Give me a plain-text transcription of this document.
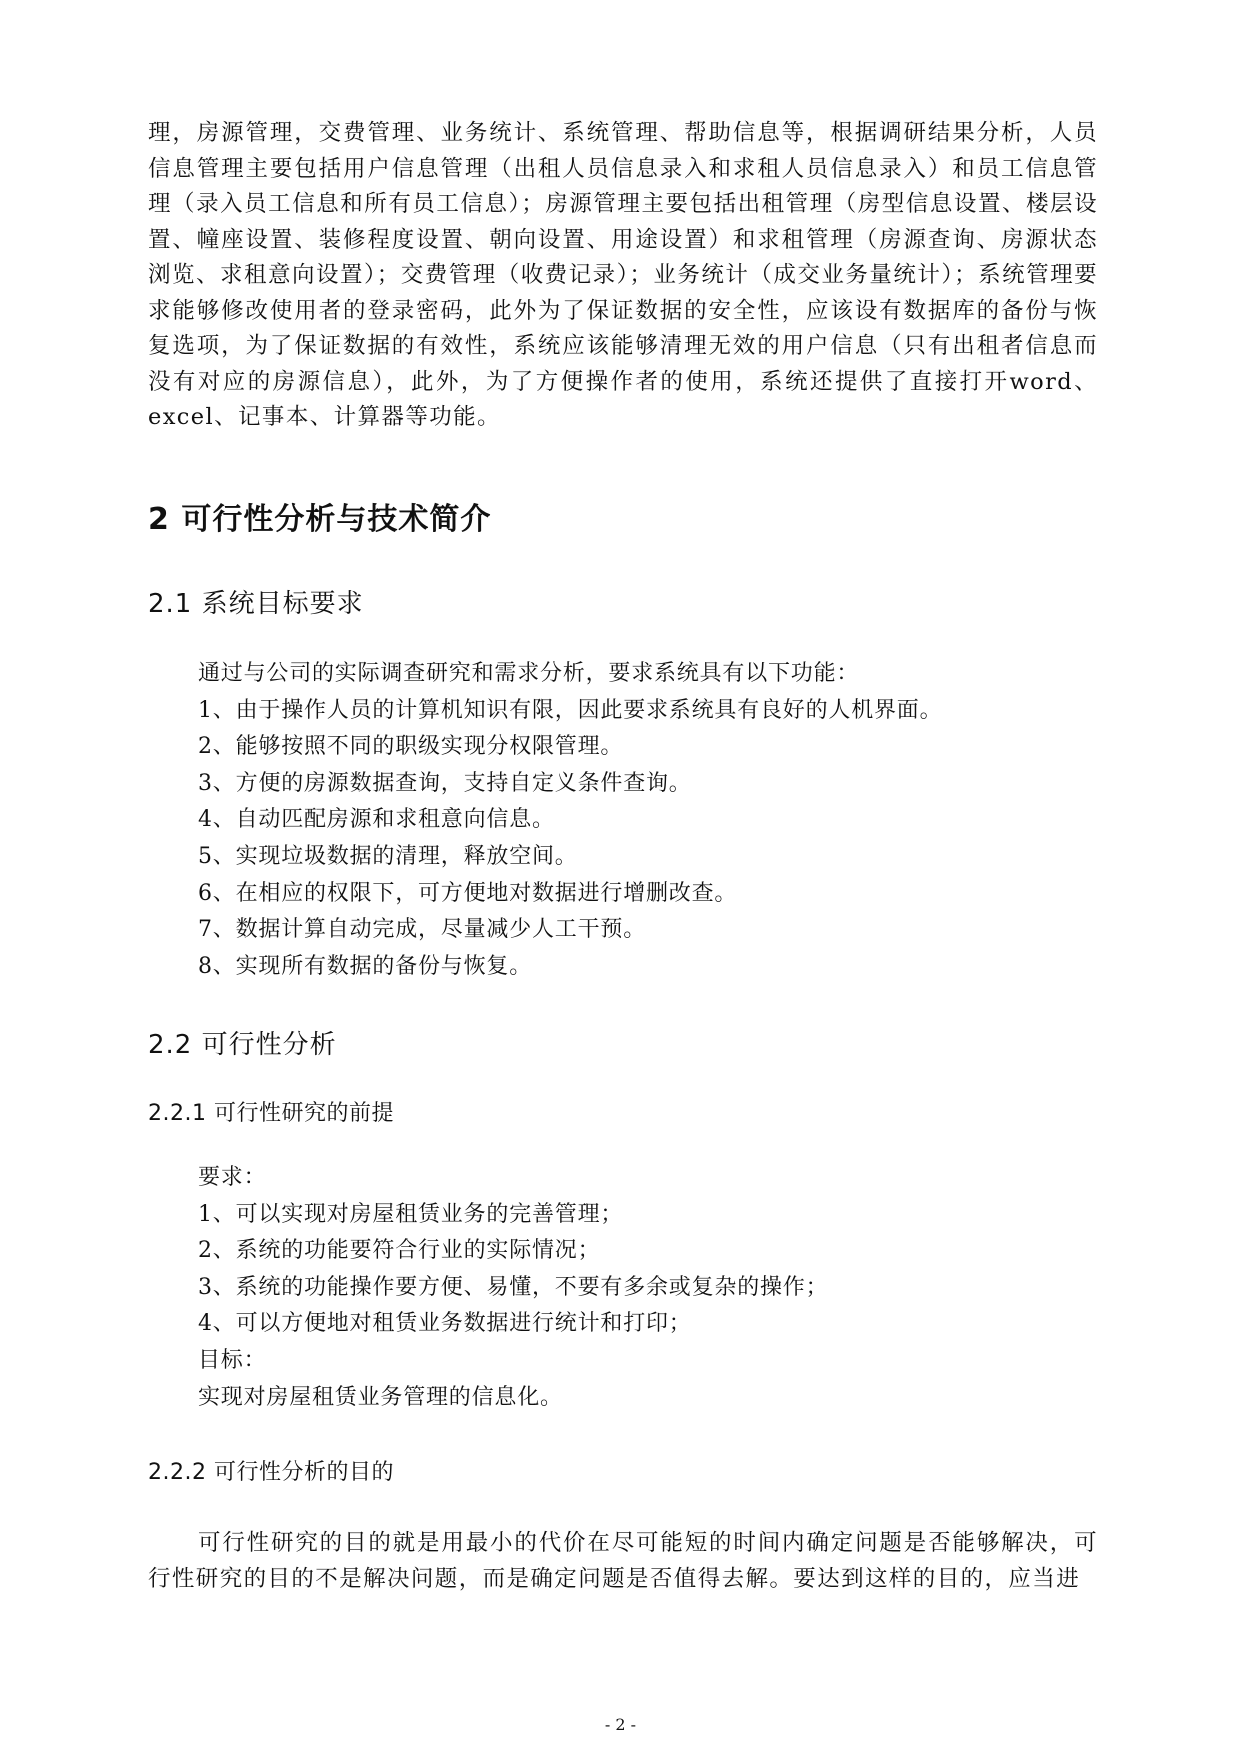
理，房源管理，交费管理、业务统计、系统管理、帮助信息等，根据调研结果分析，人员信息管理主要包括用户信息管理（出租人员信息录入和求租人员信息录入）和员工信息管理（录入员工信息和所有员工信息）；房源管理主要包括出租管理（房型信息设置、楼层设置、幢座设置、装修程度设置、朝向设置、用途设置）和求租管理（房源查询、房源状态浏览、求租意向设置）；交费管理（收费记录）；业务统计（成交业务量统计）；系统管理要求能够修改使用者的登录密码，此外为了保证数据的安全性，应该设有数据库的备份与恢复选项，为了保证数据的有效性，系统应该能够清理无效的用户信息（只有出租者信息而没有对应的房源信息），此外，为了方便操作者的使用，系统还提供了直接打开word、excel、记事本、计算器等功能。

2 可行性分析与技术简介
2.1 系统目标要求
通过与公司的实际调查研究和需求分析，要求系统具有以下功能：
1、由于操作人员的计算机知识有限，因此要求系统具有良好的人机界面。
2、能够按照不同的职级实现分权限管理。
3、方便的房源数据查询，支持自定义条件查询。
4、自动匹配房源和求租意向信息。
5、实现垃圾数据的清理，释放空间。
6、在相应的权限下，可方便地对数据进行增删改查。
7、数据计算自动完成，尽量减少人工干预。
8、实现所有数据的备份与恢复。
2.2 可行性分析
2.2.1 可行性研究的前提
要求：
1、可以实现对房屋租赁业务的完善管理；
2、系统的功能要符合行业的实际情况；
3、系统的功能操作要方便、易懂，不要有多余或复杂的操作；
4、可以方便地对租赁业务数据进行统计和打印；
目标：
实现对房屋租赁业务管理的信息化。
2.2.2 可行性分析的目的

可行性研究的目的就是用最小的代价在尽可能短的时间内确定问题是否能够解决，可行性研究的目的不是解决问题，而是确定问题是否值得去解。要达到这样的目的，应当进

- 2 -
